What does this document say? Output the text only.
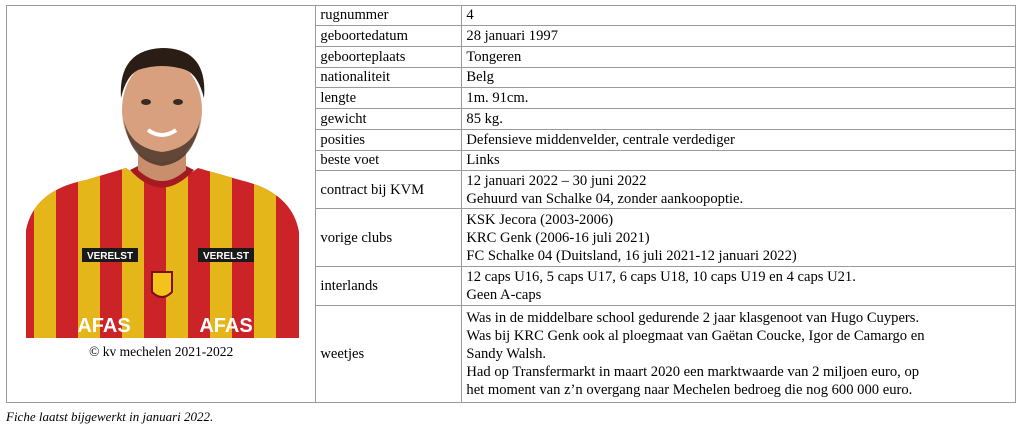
VERELST	VERELST
AFAS	AFAS
© kv mechelen 2021-2022
rugnummer	4

geboortedatum	28 januari 1997

geboorteplaats	Tongeren

nationaliteit	Belg

lengte	1m. 91cm.

gewicht	85 kg.

posities	Defensieve middenvelder, centrale verdediger

beste voet	Links

contract bij KVM	12 januari 2022 – 30 juni 2022
Gehuurd van Schalke 04, zonder aankoopoptie.

vorige clubs	KSK Jecora (2003-2006)
KRC Genk (2006-16 juli 2021)
FC Schalke 04 (Duitsland, 16 juli 2021-12 januari 2022)

interlands	12 caps U16, 5 caps U17, 6 caps U18, 10 caps U19 en 4 caps U21.
Geen A-caps

weetjes	Was in de middelbare school gedurende 2 jaar klasgenoot van Hugo Cuypers.
Was bij KRC Genk ook al ploegmaat van Gaëtan Coucke, Igor de Camargo en
Sandy Walsh.
Had op Transfermarkt in maart 2020 een marktwaarde van 2 miljoen euro, op
het moment van z’n overgang naar Mechelen bedroeg die nog 600 000 euro.
Fiche laatst bijgewerkt in januari 2022.
